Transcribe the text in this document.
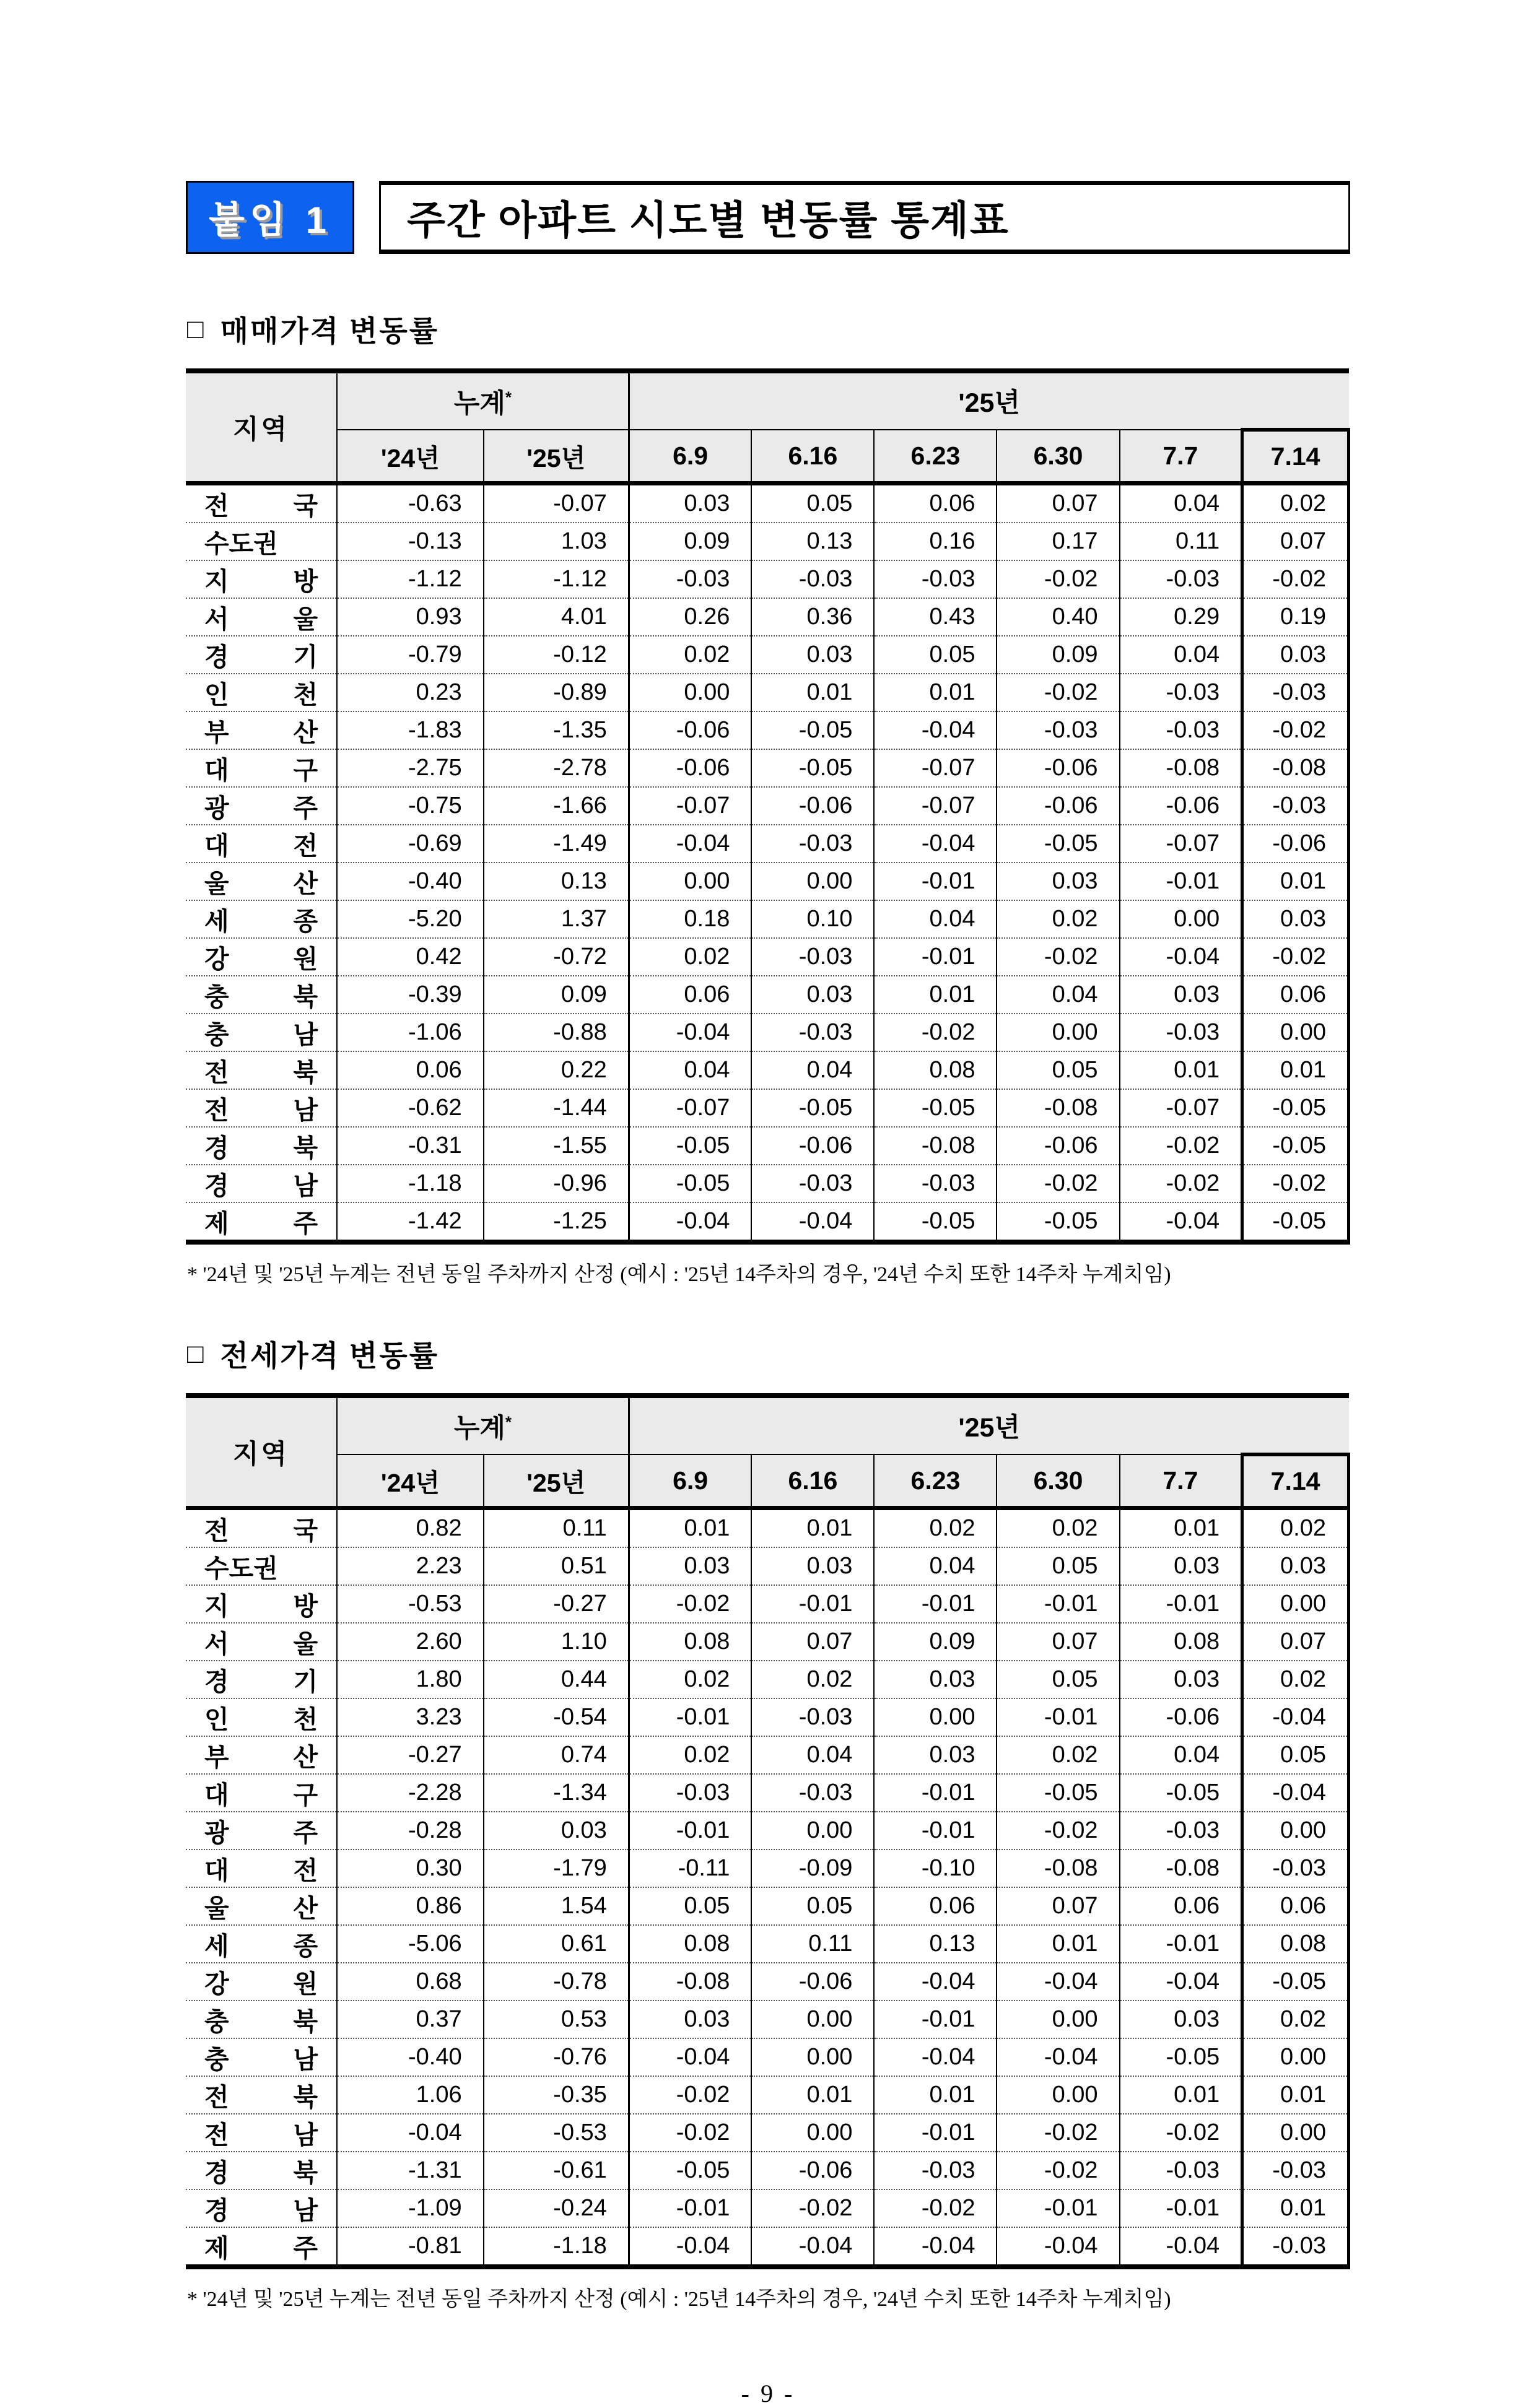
붙임 1	주간 아파트 시도별 변동률 통계표
□ 매매가격 변동률
지역	누계*		'25년					
	'24년	'25년	6.9	6.16	6.23	6.30	7.7	7.14
전 국	-0.63	-0.07	0.03	0.05	0.06	0.07	0.04	0.02
수도권	-0.13	1.03	0.09	0.13	0.16	0.17	0.11	0.07
지 방	-1.12	-1.12	-0.03	-0.03	-0.03	-0.02	-0.03	-0.02
서 울	0.93	4.01	0.26	0.36	0.43	0.40	0.29	0.19
경 기	-0.79	-0.12	0.02	0.03	0.05	0.09	0.04	0.03
인 천	0.23	-0.89	0.00	0.01	0.01	-0.02	-0.03	-0.03
부 산	-1.83	-1.35	-0.06	-0.05	-0.04	-0.03	-0.03	-0.02
대 구	-2.75	-2.78	-0.06	-0.05	-0.07	-0.06	-0.08	-0.08
광 주	-0.75	-1.66	-0.07	-0.06	-0.07	-0.06	-0.06	-0.03
대 전	-0.69	-1.49	-0.04	-0.03	-0.04	-0.05	-0.07	-0.06
울 산	-0.40	0.13	0.00	0.00	-0.01	0.03	-0.01	0.01
세 종	-5.20	1.37	0.18	0.10	0.04	0.02	0.00	0.03
강 원	0.42	-0.72	0.02	-0.03	-0.01	-0.02	-0.04	-0.02
충 북	-0.39	0.09	0.06	0.03	0.01	0.04	0.03	0.06
충 남	-1.06	-0.88	-0.04	-0.03	-0.02	0.00	-0.03	0.00
전 북	0.06	0.22	0.04	0.04	0.08	0.05	0.01	0.01
전 남	-0.62	-1.44	-0.07	-0.05	-0.05	-0.08	-0.07	-0.05
경 북	-0.31	-1.55	-0.05	-0.06	-0.08	-0.06	-0.02	-0.05
경 남	-1.18	-0.96	-0.05	-0.03	-0.03	-0.02	-0.02	-0.02
제 주	-1.42	-1.25	-0.04	-0.04	-0.05	-0.05	-0.04	-0.05

* '24년 및 '25년 누계는 전년 동일 주차까지 산정 (예시 : '25년 14주차의 경우, '24년 수치 또한 14주차 누계치임)

□ 전세가격 변동률
지역	누계*		'25년					
	'24년	'25년	6.9	6.16	6.23	6.30	7.7	7.14
전 국	0.82	0.11	0.01	0.01	0.02	0.02	0.01	0.02
수도권	2.23	0.51	0.03	0.03	0.04	0.05	0.03	0.03
지 방	-0.53	-0.27	-0.02	-0.01	-0.01	-0.01	-0.01	0.00
서 울	2.60	1.10	0.08	0.07	0.09	0.07	0.08	0.07
경 기	1.80	0.44	0.02	0.02	0.03	0.05	0.03	0.02
인 천	3.23	-0.54	-0.01	-0.03	0.00	-0.01	-0.06	-0.04
부 산	-0.27	0.74	0.02	0.04	0.03	0.02	0.04	0.05
대 구	-2.28	-1.34	-0.03	-0.03	-0.01	-0.05	-0.05	-0.04
광 주	-0.28	0.03	-0.01	0.00	-0.01	-0.02	-0.03	0.00
대 전	0.30	-1.79	-0.11	-0.09	-0.10	-0.08	-0.08	-0.03
울 산	0.86	1.54	0.05	0.05	0.06	0.07	0.06	0.06
세 종	-5.06	0.61	0.08	0.11	0.13	0.01	-0.01	0.08
강 원	0.68	-0.78	-0.08	-0.06	-0.04	-0.04	-0.04	-0.05
충 북	0.37	0.53	0.03	0.00	-0.01	0.00	0.03	0.02
충 남	-0.40	-0.76	-0.04	0.00	-0.04	-0.04	-0.05	0.00
전 북	1.06	-0.35	-0.02	0.01	0.01	0.00	0.01	0.01
전 남	-0.04	-0.53	-0.02	0.00	-0.01	-0.02	-0.02	0.00
경 북	-1.31	-0.61	-0.05	-0.06	-0.03	-0.02	-0.03	-0.03
경 남	-1.09	-0.24	-0.01	-0.02	-0.02	-0.01	-0.01	0.01
제 주	-0.81	-1.18	-0.04	-0.04	-0.04	-0.04	-0.04	-0.03

* '24년 및 '25년 누계는 전년 동일 주차까지 산정 (예시 : '25년 14주차의 경우, '24년 수치 또한 14주차 누계치임)

- 9 -
